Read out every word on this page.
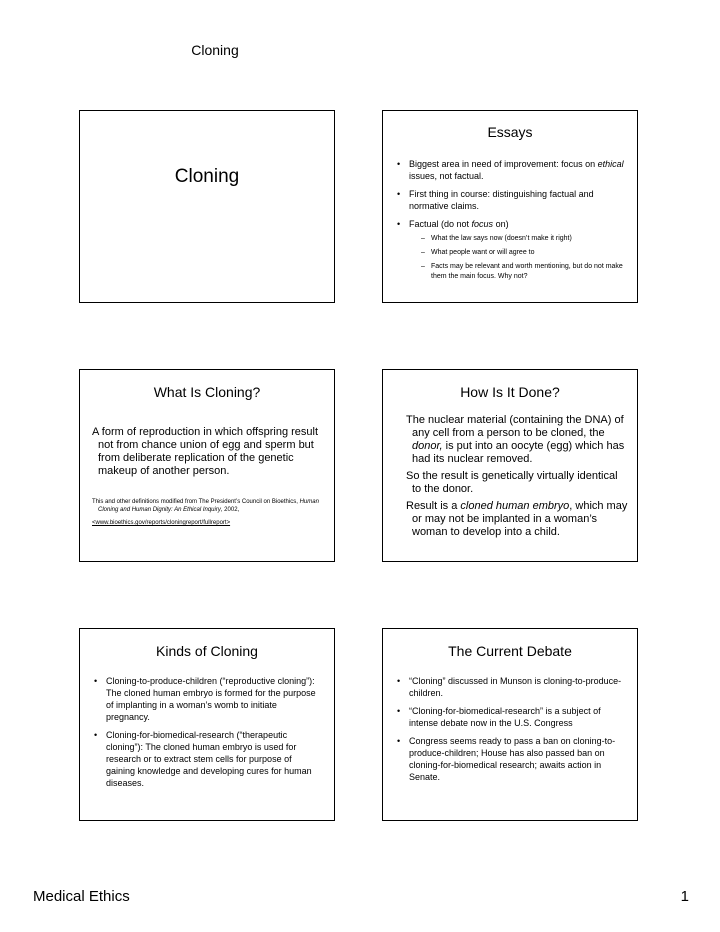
Cloning
Cloning
Essays
• Biggest area in need of improvement: focus on ethical issues, not factual.
• First thing in course: distinguishing factual and normative claims.
• Factual (do not focus on)
– What the law says now (doesn’t make it right)
– What people want or will agree to
– Facts may be relevant and worth mentioning, but do not make them the main focus. Why not?
What Is Cloning?

A form of reproduction in which offspring result not from chance union of egg and sperm but from deliberate replication of the genetic makeup of another person.

This and other definitions modified from The President’s Council on Bioethics, Human Cloning and Human Dignity: An Ethical Inquiry, 2002,

<www.bioethics.gov/reports/cloningreport/fullreport>

How Is It Done?

The nuclear material (containing the DNA) of any cell from a person to be cloned, the donor, is put into an oocyte (egg) which has had its nuclear removed.

So the result is genetically virtually identical to the donor.

Result is a cloned human embryo, which may or may not be implanted in a woman’s woman to develop into a child.

Kinds of Cloning
• Cloning-to-produce-children (“reproductive cloning”): The cloned human embryo is formed for the purpose of implanting in a woman’s womb to initiate pregnancy.
• Cloning-for-biomedical-research (“therapeutic cloning”): The cloned human embryo is used for research or to extract stem cells for purpose of gaining knowledge and developing cures for human diseases.
The Current Debate
• “Cloning” discussed in Munson is cloning-to-produce-children.
• “Cloning-for-biomedical-research” is a subject of intense debate now in the U.S. Congress
• Congress seems ready to pass a ban on cloning-to-produce-children; House has also passed ban on cloning-for-biomedical research; awaits action in Senate.
Medical Ethics	1
